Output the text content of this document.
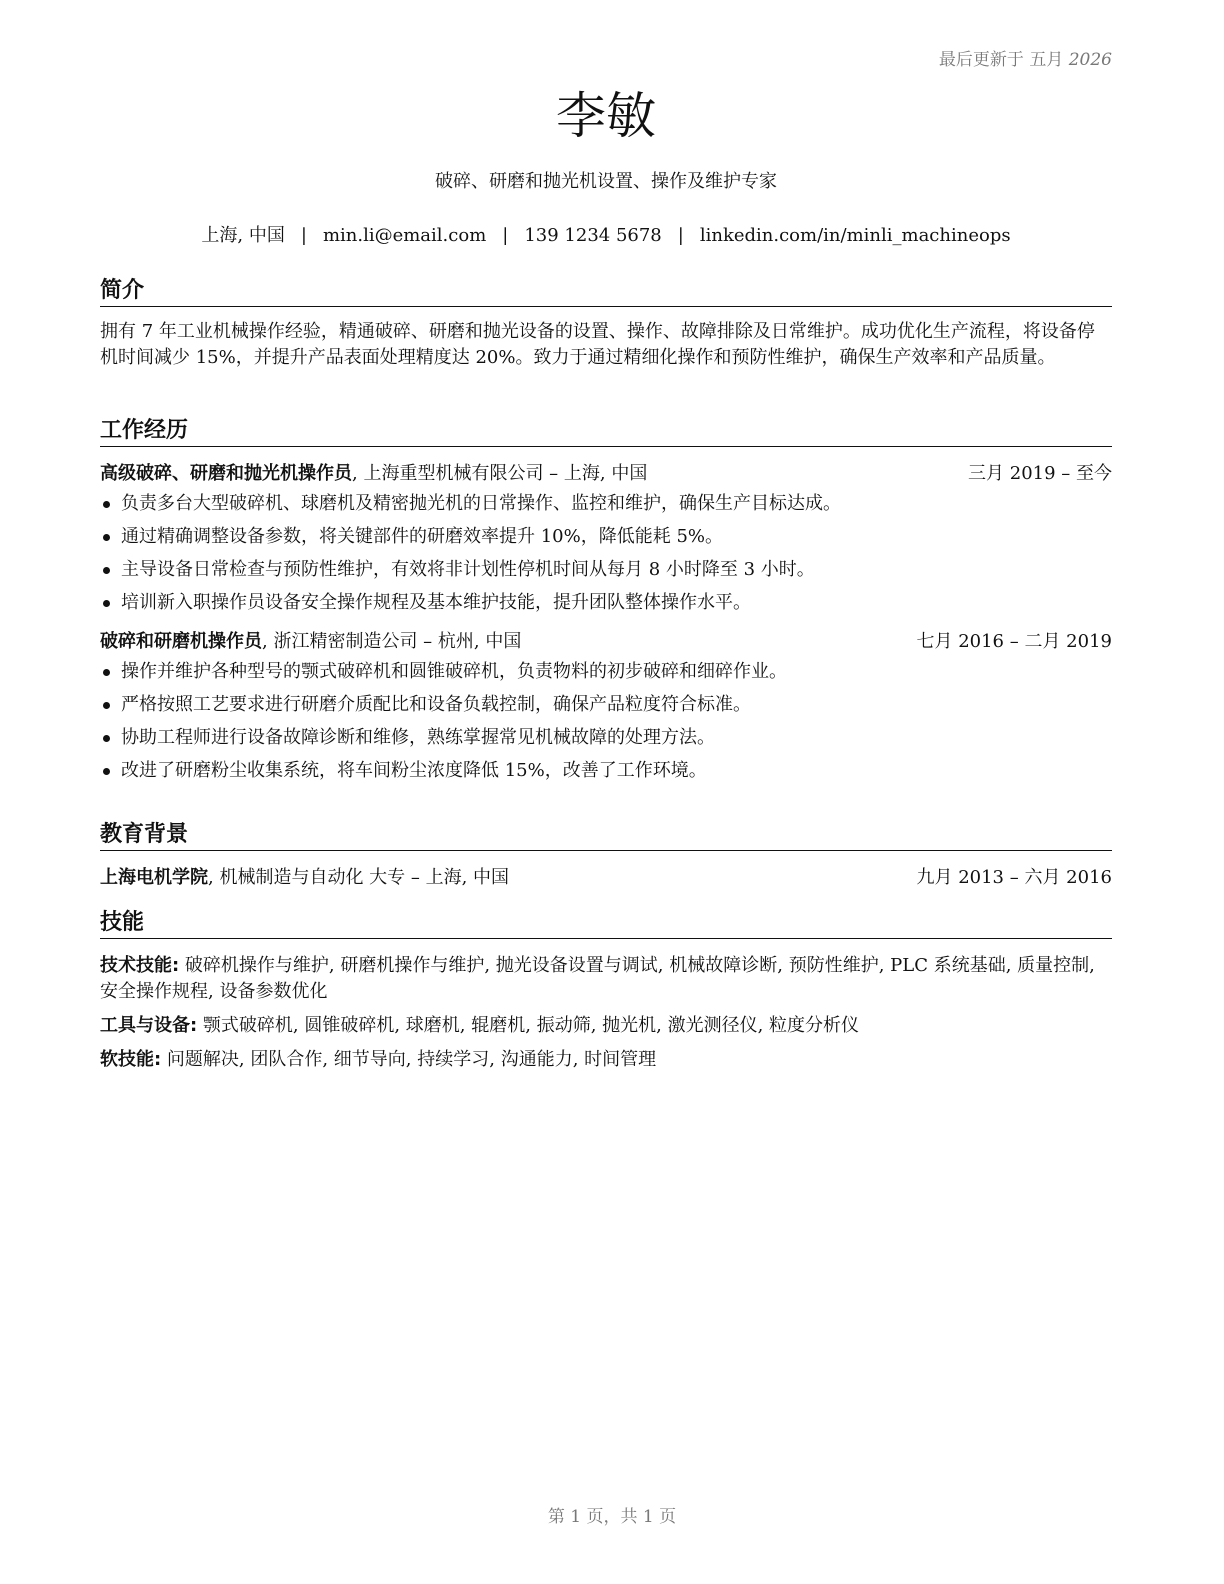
最后更新于 五月 2026
李敏
破碎、研磨和抛光机设置、操作及维护专家
上海, 中国 | min.li@email.com | 139 1234 5678 | linkedin.com/in/minli_machineops
简介
拥有 7 年工业机械操作经验，精通破碎、研磨和抛光设备的设置、操作、故障排除及日常维护。成功优化生产流程，将设备停机时间减少 15%，并提升产品表面处理精度达 20%。致力于通过精细化操作和预防性维护，确保生产效率和产品质量。
工作经历
高级破碎、研磨和抛光机操作员, 上海重型机械有限公司 – 上海, 中国	三月 2019 – 至今
负责多台大型破碎机、球磨机及精密抛光机的日常操作、监控和维护，确保生产目标达成。
通过精确调整设备参数，将关键部件的研磨效率提升 10%，降低能耗 5%。
主导设备日常检查与预防性维护，有效将非计划性停机时间从每月 8 小时降至 3 小时。
培训新入职操作员设备安全操作规程及基本维护技能，提升团队整体操作水平。
破碎和研磨机操作员, 浙江精密制造公司 – 杭州, 中国	七月 2016 – 二月 2019
操作并维护各种型号的颚式破碎机和圆锥破碎机，负责物料的初步破碎和细碎作业。
严格按照工艺要求进行研磨介质配比和设备负载控制，确保产品粒度符合标准。
协助工程师进行设备故障诊断和维修，熟练掌握常见机械故障的处理方法。
改进了研磨粉尘收集系统，将车间粉尘浓度降低 15%，改善了工作环境。
教育背景
上海电机学院, 机械制造与自动化 大专 – 上海, 中国	九月 2013 – 六月 2016
技能
技术技能: 破碎机操作与维护, 研磨机操作与维护, 抛光设备设置与调试, 机械故障诊断, 预防性维护, PLC 系统基础, 质量控制, 安全操作规程, 设备参数优化
工具与设备: 颚式破碎机, 圆锥破碎机, 球磨机, 辊磨机, 振动筛, 抛光机, 激光测径仪, 粒度分析仪
软技能: 问题解决, 团队合作, 细节导向, 持续学习, 沟通能力, 时间管理
第 1 页，共 1 页
